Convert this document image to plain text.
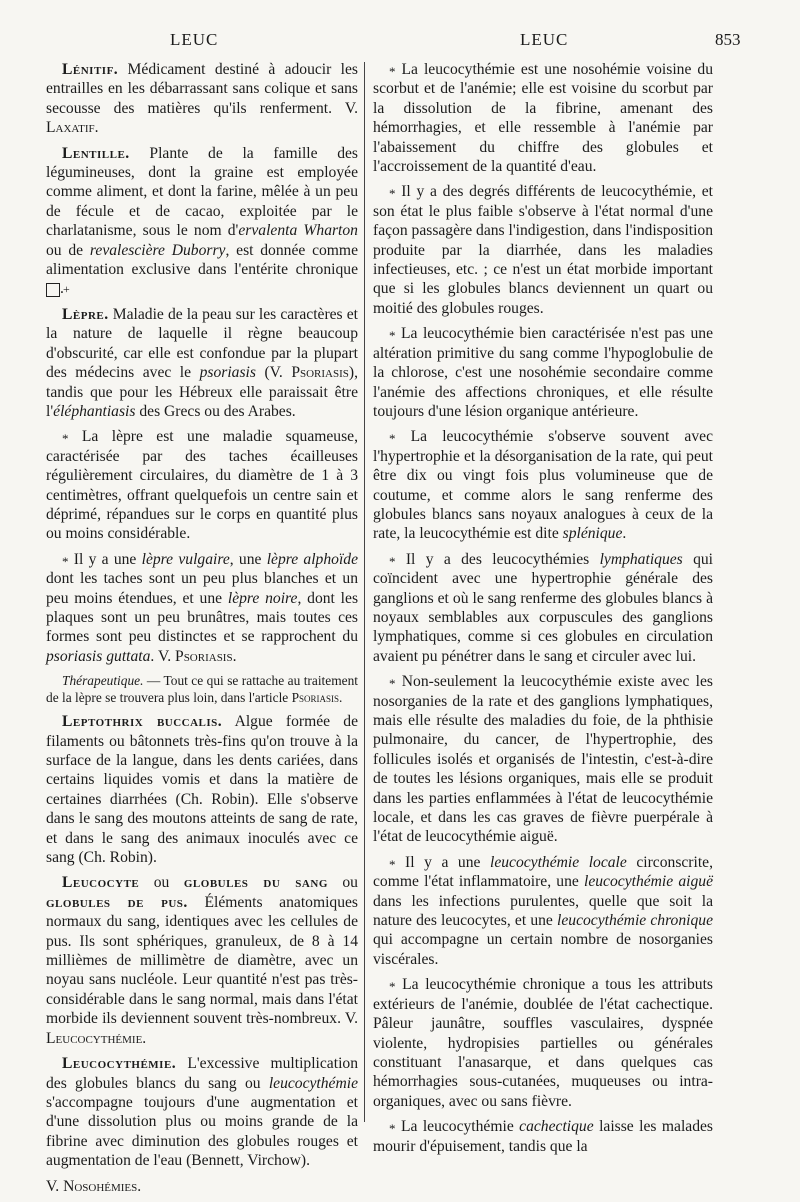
LEUC	LEUC	853

Lénitif. Médicament destiné à adoucir les entrailles en les débarrassant sans colique et sans secousse des matières qu'ils renferment. V. Laxatif.

Lentille. Plante de la famille des légumineuses, dont la graine est employée comme aliment, et dont la farine, mêlée à un peu de fécule et de cacao, exploitée par le charlatanisme, sous le nom d'ervalenta Wharton ou de revalescière Duborry, est donnée comme alimentation exclusive dans l'entérite chronique +.

Lèpre. Maladie de la peau sur les caractères et la nature de laquelle il règne beaucoup d'obscurité, car elle est confondue par la plupart des médecins avec le psoriasis (V. Psoriasis), tandis que pour les Hébreux elle paraissait être l'éléphantiasis des Grecs ou des Arabes.

* La lèpre est une maladie squameuse, caractérisée par des taches écailleuses régulièrement circulaires, du diamètre de 1 à 3 centimètres, offrant quelquefois un centre sain et déprimé, répandues sur le corps en quantité plus ou moins considérable.

* Il y a une lèpre vulgaire, une lèpre alphoïde dont les taches sont un peu plus blanches et un peu moins étendues, et une lèpre noire, dont les plaques sont un peu brunâtres, mais toutes ces formes sont peu distinctes et se rapprochent du psoriasis guttata. V. Psoriasis.

Thérapeutique. — Tout ce qui se rattache au traitement de la lèpre se trouvera plus loin, dans l'article Psoriasis.

Leptothrix buccalis. Algue formée de filaments ou bâtonnets très-fins qu'on trouve à la surface de la langue, dans les dents cariées, dans certains liquides vomis et dans la matière de certaines diarrhées (Ch. Robin). Elle s'observe dans le sang des moutons atteints de sang de rate, et dans le sang des animaux inoculés avec ce sang (Ch. Robin).

Leucocyte ou globules du sang ou globules de pus. Éléments anatomiques normaux du sang, identiques avec les cellules de pus. Ils sont sphériques, granuleux, de 8 à 14 millièmes de millimètre de diamètre, avec un noyau sans nucléole. Leur quantité n'est pas très-considérable dans le sang normal, mais dans l'état morbide ils deviennent souvent très-nombreux. V. Leucocythémie.

Leucocythémie. L'excessive multiplication des globules blancs du sang ou leucocythémie s'accompagne toujours d'une augmentation et d'une dissolution plus ou moins grande de la fibrine avec diminution des globules rouges et augmentation de l'eau (Bennett, Virchow).

V. Nosohémies.

* La leucocythémie est une nosohémie voisine du scorbut et de l'anémie; elle est voisine du scorbut par la dissolution de la fibrine, amenant des hémorrhagies, et elle ressemble à l'anémie par l'abaissement du chiffre des globules et l'accroissement de la quantité d'eau.

* Il y a des degrés différents de leucocythémie, et son état le plus faible s'observe à l'état normal d'une façon passagère dans l'indigestion, dans l'indisposition produite par la diarrhée, dans les maladies infectieuses, etc. ; ce n'est un état morbide important que si les globules blancs deviennent un quart ou moitié des globules rouges.

* La leucocythémie bien caractérisée n'est pas une altération primitive du sang comme l'hypoglobulie de la chlorose, c'est une nosohémie secondaire comme l'anémie des affections chroniques, et elle résulte toujours d'une lésion organique antérieure.

* La leucocythémie s'observe souvent avec l'hypertrophie et la désorganisation de la rate, qui peut être dix ou vingt fois plus volumineuse que de coutume, et comme alors le sang renferme des globules blancs sans noyaux analogues à ceux de la rate, la leucocythémie est dite splénique.

* Il y a des leucocythémies lymphatiques qui coïncident avec une hypertrophie générale des ganglions et où le sang renferme des globules blancs à noyaux semblables aux corpuscules des ganglions lymphatiques, comme si ces globules en circulation avaient pu pénétrer dans le sang et circuler avec lui.

* Non-seulement la leucocythémie existe avec les nosorganies de la rate et des ganglions lymphatiques, mais elle résulte des maladies du foie, de la phthisie pulmonaire, du cancer, de l'hypertrophie, des follicules isolés et organisés de l'intestin, c'est-à-dire de toutes les lésions organiques, mais elle se produit dans les parties enflammées à l'état de leucocythémie locale, et dans les cas graves de fièvre puerpérale à l'état de leucocythémie aiguë.

* Il y a une leucocythémie locale circonscrite, comme l'état inflammatoire, une leucocythémie aiguë dans les infections purulentes, quelle que soit la nature des leucocytes, et une leucocythémie chronique qui accompagne un certain nombre de nosorganies viscérales.

* La leucocythémie chronique a tous les attributs extérieurs de l'anémie, doublée de l'état cachectique. Pâleur jaunâtre, souffles vasculaires, dyspnée violente, hydropisies partielles ou générales constituant l'anasarque, et dans quelques cas hémorrhagies sous-cutanées, muqueuses ou intra-organiques, avec ou sans fièvre.

* La leucocythémie cachectique laisse les malades mourir d'épuisement, tandis que la
